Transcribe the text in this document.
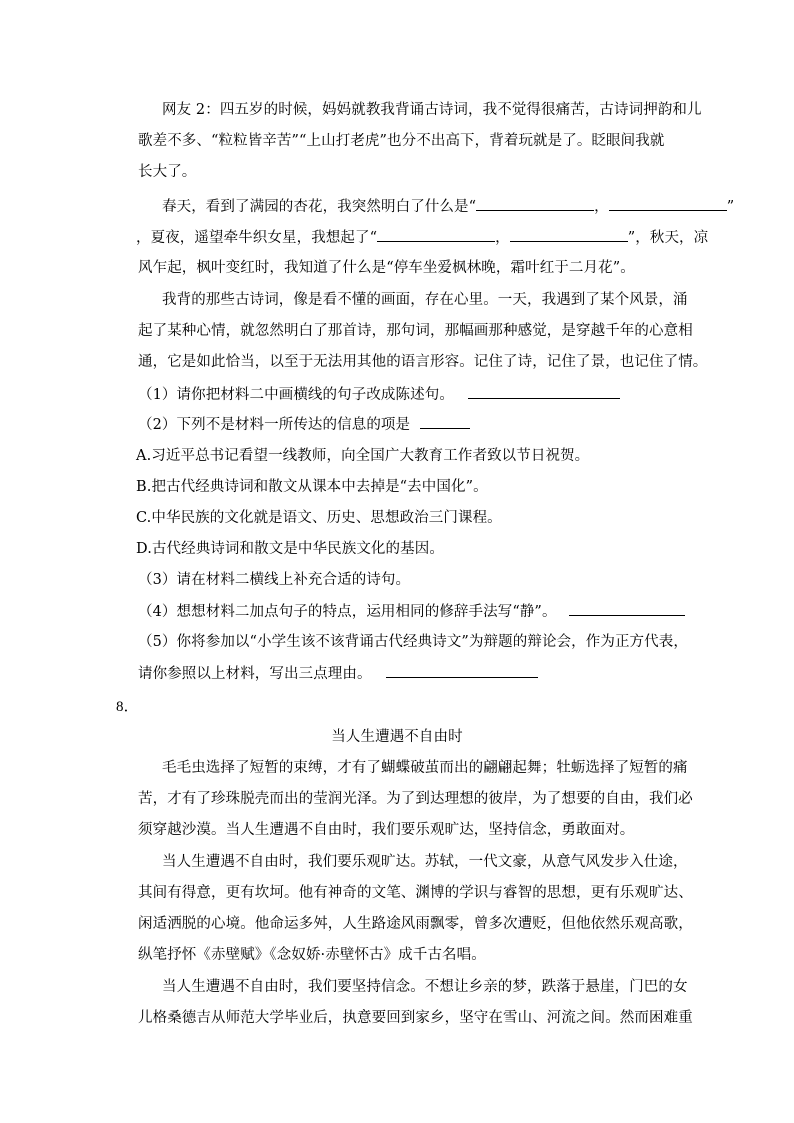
网友 2：四五岁的时候，妈妈就教我背诵古诗词，我不觉得很痛苦，古诗词押韵和儿
歌差不多、“粒粒皆辛苦”“上山打老虎”也分不出高下，背着玩就是了。眨眼间我就
长大了。
春天，看到了满园的杏花，我突然明白了什么是“	，	”
，夏夜，遥望牵牛织女星，我想起了“	，	”，秋天，凉
风乍起，枫叶变红时，我知道了什么是“停车坐爱枫林晚，霜叶红于二月花”。
我背的那些古诗词，像是看不懂的画面，存在心里。一天，我遇到了某个风景，涌
起了某种心情，就忽然明白了那首诗，那句词，那幅画那种感觉，是穿越千年的心意相
通，它是如此恰当，以至于无法用其他的语言形容。记住了诗，记住了景，也记住了情。
（1）请你把材料二中画横线的句子改成陈述句。
（2）下列不是材料一所传达的信息的项是
A.习近平总书记看望一线教师，向全国广大教育工作者致以节日祝贺。
B.把古代经典诗词和散文从课本中去掉是“去中国化”。
C.中华民族的文化就是语文、历史、思想政治三门课程。
D.古代经典诗词和散文是中华民族文化的基因。
（3）请在材料二横线上补充合适的诗句。
（4）想想材料二加点句子的特点，运用相同的修辞手法写“静”。
（5）你将参加以“小学生该不该背诵古代经典诗文”为辩题的辩论会，作为正方代表，
请你参照以上材料，写出三点理由。
8．
当人生遭遇不自由时
毛毛虫选择了短暂的束缚，才有了蝴蝶破茧而出的翩翩起舞；牡蛎选择了短暂的痛
苦，才有了珍珠脱壳而出的莹润光泽。为了到达理想的彼岸，为了想要的自由，我们必
须穿越沙漠。当人生遭遇不自由时，我们要乐观旷达，坚持信念，勇敢面对。
当人生遭遇不自由时，我们要乐观旷达。苏轼，一代文豪，从意气风发步入仕途，
其间有得意，更有坎坷。他有神奇的文笔、渊博的学识与睿智的思想，更有乐观旷达、
闲适洒脱的心境。他命运多舛，人生路途风雨飘零，曾多次遭贬，但他依然乐观高歌，
纵笔抒怀《赤壁赋》《念奴娇·赤壁怀古》成千古名唱。
当人生遭遇不自由时，我们要坚持信念。不想让乡亲的梦，跌落于悬崖，门巴的女
儿格桑德吉从师范大学毕业后，执意要回到家乡，坚守在雪山、河流之间。然而困难重
